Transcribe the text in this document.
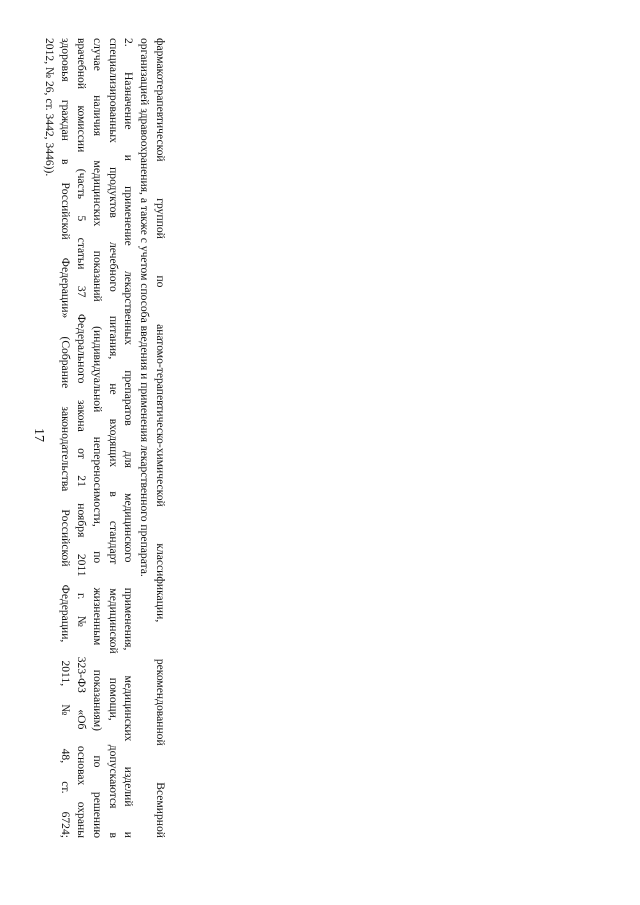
17	фармакотерапевтической группой по анатомо-терапевтическо-химической классификации, рекомендованной Всемирной
организацией здравоохранения, а также с учетом способа введения и применения лекарственного препарата.
2. Назначение и применение лекарственных препаратов для медицинского применения, медицинских изделий и
специализированных продуктов лечебного питания, не входящих в стандарт медицинской помощи, допускаются в
случае наличия медицинских показаний (индивидуальной непереносимости, по жизненным показаниям) по решению
врачебной комиссии (часть 5 статьи 37 Федерального закона от 21 ноября 2011 г. № 323-ФЗ «Об основах охраны
здоровья граждан в Российской Федерации» (Собрание законодательства Российской Федерации, 2011, № 48, ст. 6724;
2012, № 26, ст. 3442, 3446)).
